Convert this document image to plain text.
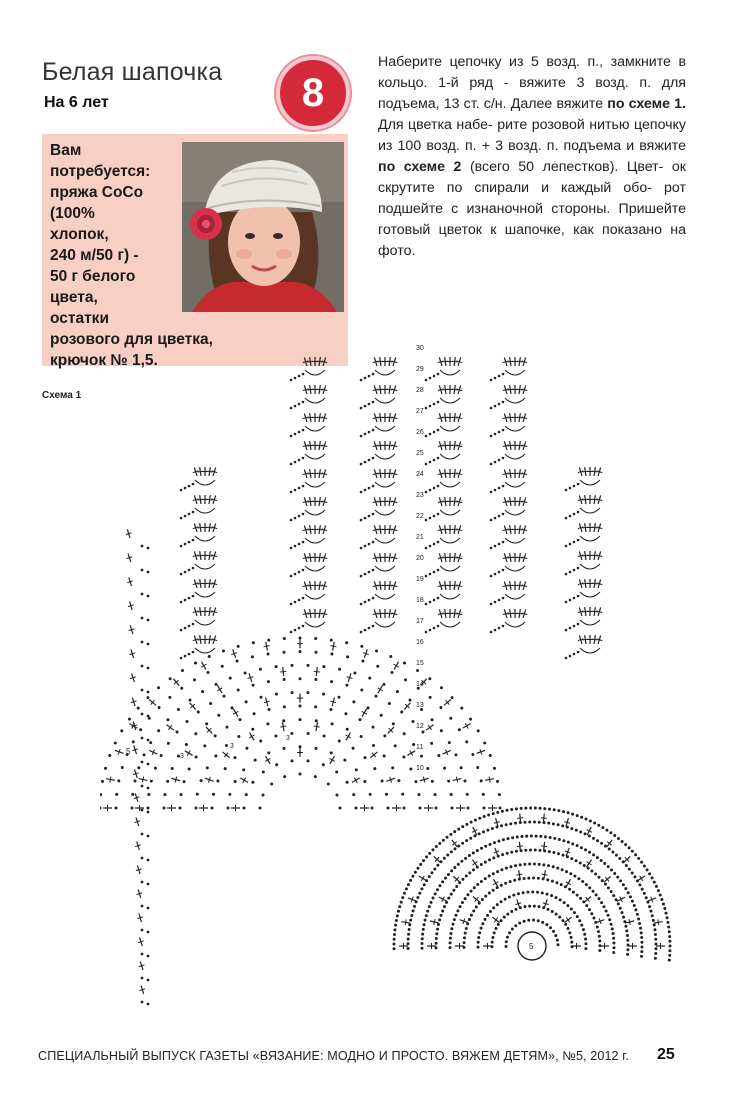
Белая шапочка
На 6 лет	8
Наберите цепочку из 5 возд. п., замкните в кольцо. 1-й ряд - вяжите 3 возд. п. для подъема, 13 ст. с/н. Далее вяжите по схеме 1. Для цветка набе- рите розовой нитью цепочку из 100 возд. п. + 3 возд. п. подъема и вяжите по схеме 2 (всего 50 лепестков). Цвет- ок скрутите по спирали и каждый обо- рот подшейте с изнаночной стороны. Пришейте готовый цветок к шапочке, как показано на фото.
Вам
потребуется:
пряжа СоСо
(100%
хлопок,
240 м/50 г) -
50 г белого
цвета,
остатки
розового для цветка,
крючок № 1,5.
Схема 1
30
29
28
27
26
25
24
23
22
21
20
19
18
17
16
15
14
13
12
11
10
5
5
3
3
3
СПЕЦИАЛЬНЫЙ ВЫПУСК ГАЗЕТЫ «ВЯЗАНИЕ: МОДНО И ПРОСТО. ВЯЖЕМ ДЕТЯМ», №5, 2012 г. 25
